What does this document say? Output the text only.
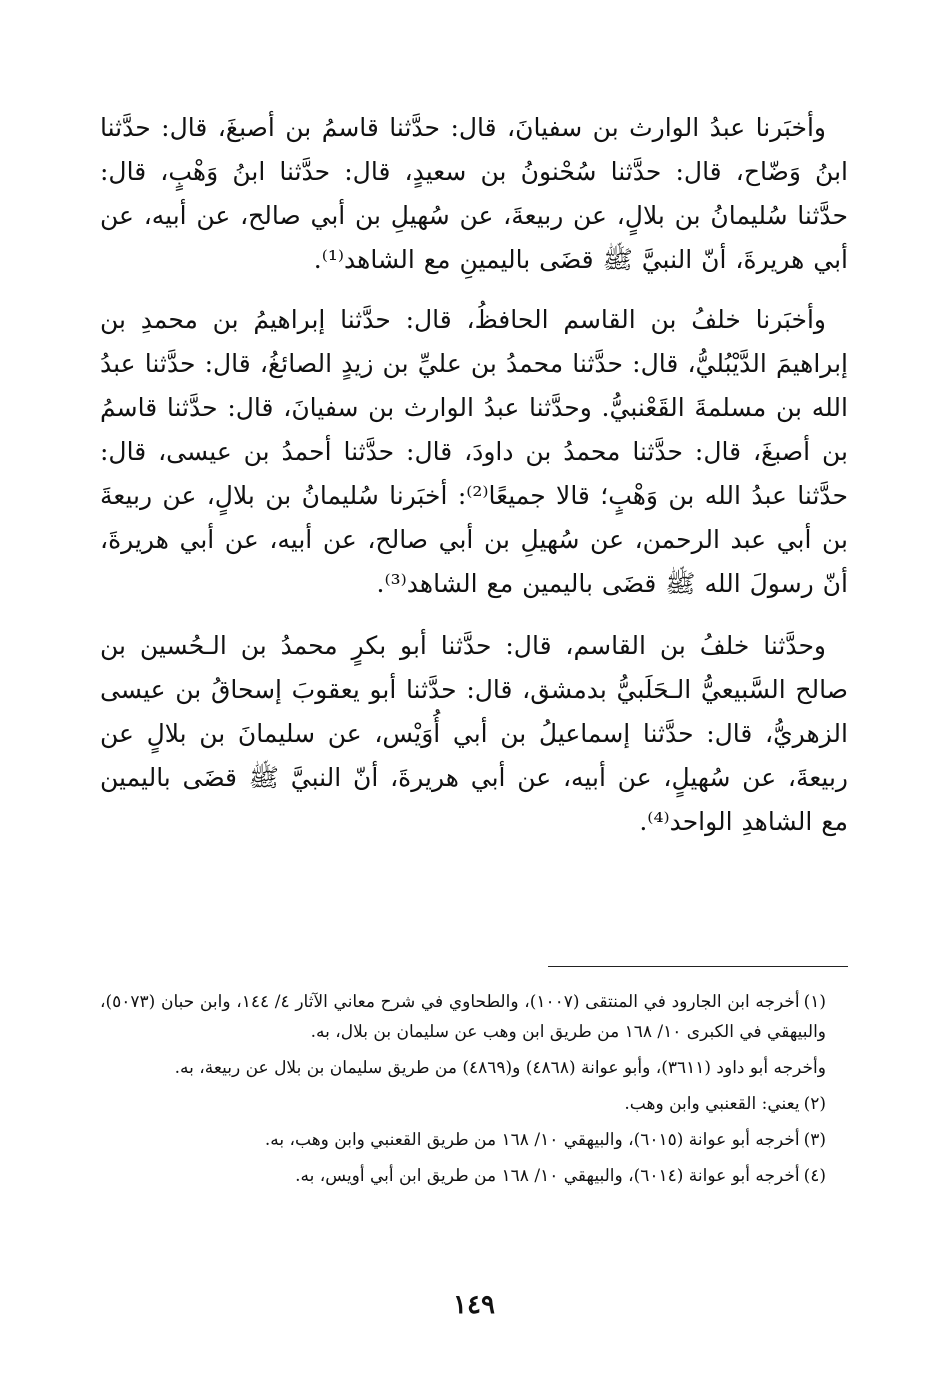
وأخبَرنا عبدُ الوارث بن سفيانَ، قال: حدَّثنا قاسمُ بن أصبغَ، قال: حدَّثنا ابنُ وَضّاح، قال: حدَّثنا سُحْنونُ بن سعيدٍ، قال: حدَّثنا ابنُ وَهْبٍ، قال: حدَّثنا سُليمانُ بن بلالٍ، عن ربيعةَ، عن سُهيلِ بن أبي صالح، عن أبيه، عن أبي هريرةَ، أنّ النبيَّ ﷺ قضَى باليمينِ مع الشاهد⁽¹⁾.

وأخبَرنا خلفُ بن القاسم الحافظُ، قال: حدَّثنا إبراهيمُ بن محمدِ بن إبراهيمَ الدَّيْبُليُّ، قال: حدَّثنا محمدُ بن عليِّ بن زيدٍ الصائغُ، قال: حدَّثنا عبدُ الله بن مسلمةَ القَعْنبيُّ. وحدَّثنا عبدُ الوارث بن سفيانَ، قال: حدَّثنا قاسمُ بن أصبغَ، قال: حدَّثنا محمدُ بن داودَ، قال: حدَّثنا أحمدُ بن عيسى، قال: حدَّثنا عبدُ الله بن وَهْبٍ؛ قالا جميعًا⁽²⁾: أخبَرنا سُليمانُ بن بلالٍ، عن ربيعةَ بن أبي عبد الرحمن، عن سُهيلِ بن أبي صالح، عن أبيه، عن أبي هريرةَ، أنّ رسولَ الله ﷺ قضَى باليمين مع الشاهد⁽³⁾.

وحدَّثنا خلفُ بن القاسم، قال: حدَّثنا أبو بكرٍ محمدُ بن الـحُسين بن صالح السَّبيعيُّ الـحَلَبيُّ بدمشق، قال: حدَّثنا أبو يعقوبَ إسحاقُ بن عيسى الزهريُّ، قال: حدَّثنا إسماعيلُ بن أبي أُوَيْس، عن سليمانَ بن بلالٍ عن ربيعةَ، عن سُهيلٍ، عن أبيه، عن أبي هريرةَ، أنّ النبيَّ ﷺ قضَى باليمين مع الشاهدِ الواحد⁽⁴⁾.

(١)أخرجه ابن الجارود في المنتقى (١٠٠٧)، والطحاوي في شرح معاني الآثار ٤/ ١٤٤، وابن حبان (٥٠٧٣)، والبيهقي في الكبرى ١٠/ ١٦٨ من طريق ابن وهب عن سليمان بن بلال، به.

وأخرجه أبو داود (٣٦١١)، وأبو عوانة (٤٨٦٨) و(٤٨٦٩) من طريق سليمان بن بلال عن ربيعة، به.

(٢)يعني: القعنبي وابن وهب.

(٣)أخرجه أبو عوانة (٦٠١٥)، والبيهقي ١٠/ ١٦٨ من طريق القعنبي وابن وهب، به.

(٤)أخرجه أبو عوانة (٦٠١٤)، والبيهقي ١٠/ ١٦٨ من طريق ابن أبي أويس، به.

١٤٩
